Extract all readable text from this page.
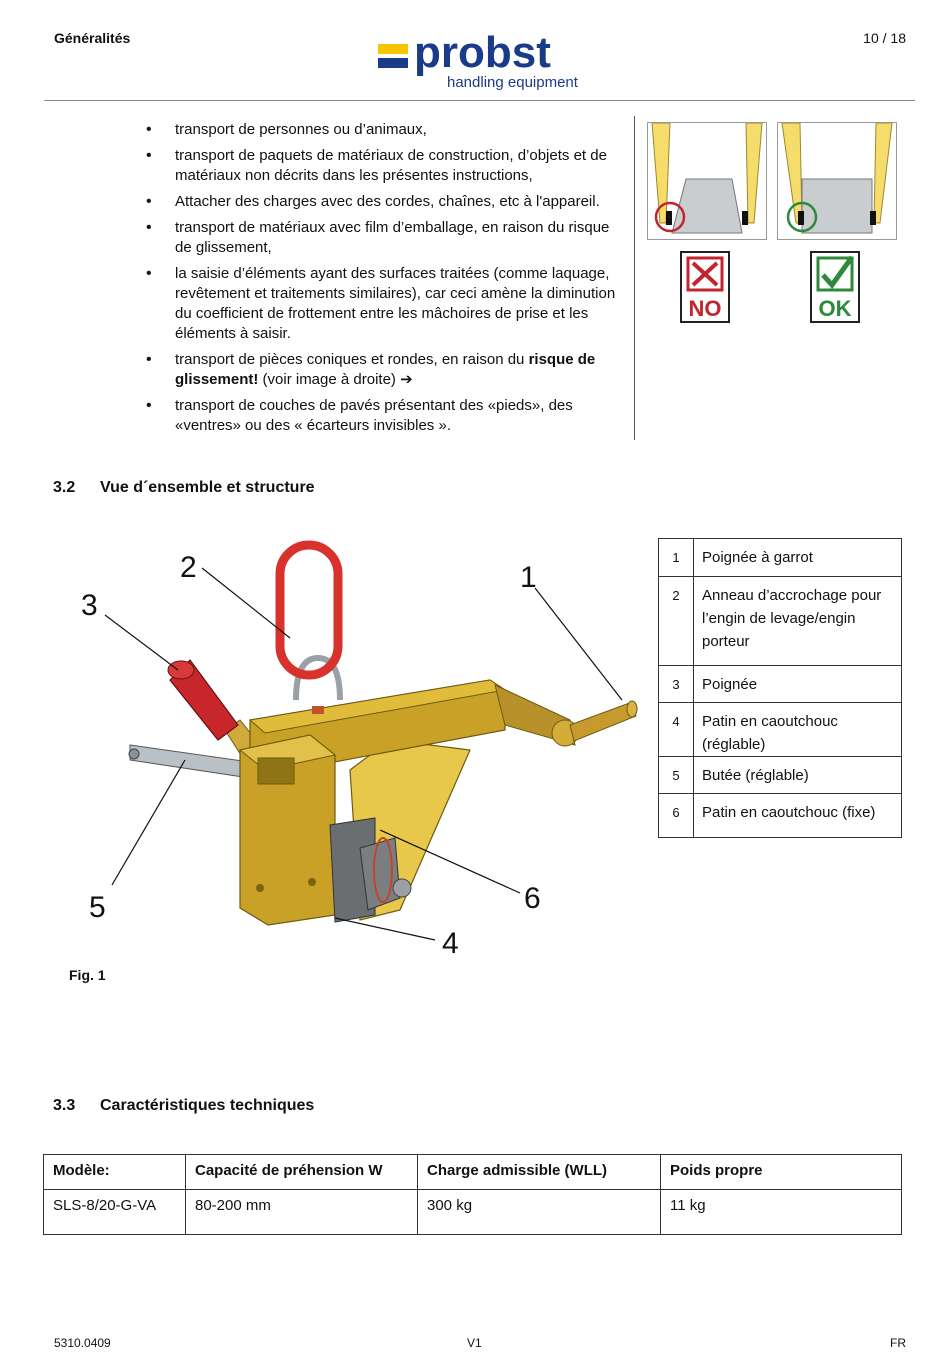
Généralités	probst
handling equipment
10 / 18
• transport de personnes ou d’animaux,
• transport de paquets de matériaux de construction, d’objets et de matériaux non décrits dans les présentes instructions,
• Attacher des charges avec des cordes, chaînes, etc à l'appareil.
• transport de matériaux avec film d’emballage, en raison du risque de glissement,
• la saisie d’éléments ayant des surfaces traitées (comme laquage, revêtement et traitements similaires), car ceci amène la diminution du coefficient de frottement entre les mâchoires de prise et les éléments à saisir.
• transport de pièces coniques et rondes, en raison du risque de glissement! (voir image à droite) ➔
• transport de couches de pavés présentant des «pieds», des «ventres» ou des « écarteurs invisibles ».
NO	OK
3.2 Vue d´ensemble et structure
1
2
3
4
5	6
Fig. 1
1	Poignée à garrot
2	Anneau d’accrochage pour l’engin de levage/engin porteur
3	Poignée
4	Patin en caoutchouc (réglable)
5	Butée (réglable)
6	Patin en caoutchouc (fixe)
3.3 Caractéristiques techniques
Modèle:	Capacité de préhension W	Charge admissible (WLL)	Poids propre
SLS-8/20-G-VA	80-200 mm	300 kg	11 kg
5310.0409	V1	FR
